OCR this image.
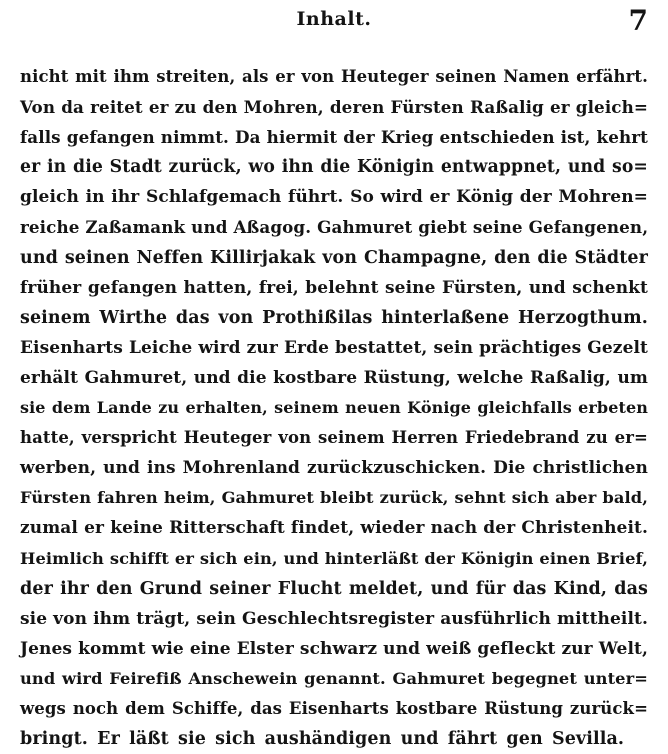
Inhalt.	7
nicht mit ihm streiten, als er von Heuteger seinen Namen erfährt.
Von da reitet er zu den Mohren, deren Fürsten Raßalig er gleich=
falls gefangen nimmt. Da hiermit der Krieg entschieden ist, kehrt
er in die Stadt zurück, wo ihn die Königin entwappnet, und so=
gleich in ihr Schlafgemach führt. So wird er König der Mohren=
reiche Zaßamank und Aßagog. Gahmuret giebt seine Gefangenen,
und seinen Neffen Killirjakak von Champagne, den die Städter
früher gefangen hatten, frei, belehnt seine Fürsten, und schenkt
seinem Wirthe das von Prothißilas hinterlaßene Herzogthum.
Eisenharts Leiche wird zur Erde bestattet, sein prächtiges Gezelt
erhält Gahmuret, und die kostbare Rüstung, welche Raßalig, um
sie dem Lande zu erhalten, seinem neuen Könige gleichfalls erbeten
hatte, verspricht Heuteger von seinem Herren Friedebrand zu er=
werben, und ins Mohrenland zurückzuschicken. Die christlichen
Fürsten fahren heim, Gahmuret bleibt zurück, sehnt sich aber bald,
zumal er keine Ritterschaft findet, wieder nach der Christenheit.
Heimlich schifft er sich ein, und hinterläßt der Königin einen Brief,
der ihr den Grund seiner Flucht meldet, und für das Kind, das
sie von ihm trägt, sein Geschlechtsregister ausführlich mittheilt.
Jenes kommt wie eine Elster schwarz und weiß gefleckt zur Welt,
und wird Feirefiß Anschewein genannt. Gahmuret begegnet unter=
wegs noch dem Schiffe, das Eisenharts kostbare Rüstung zurück=
bringt. Er läßt sie sich aushändigen und fährt gen Sevilla.
